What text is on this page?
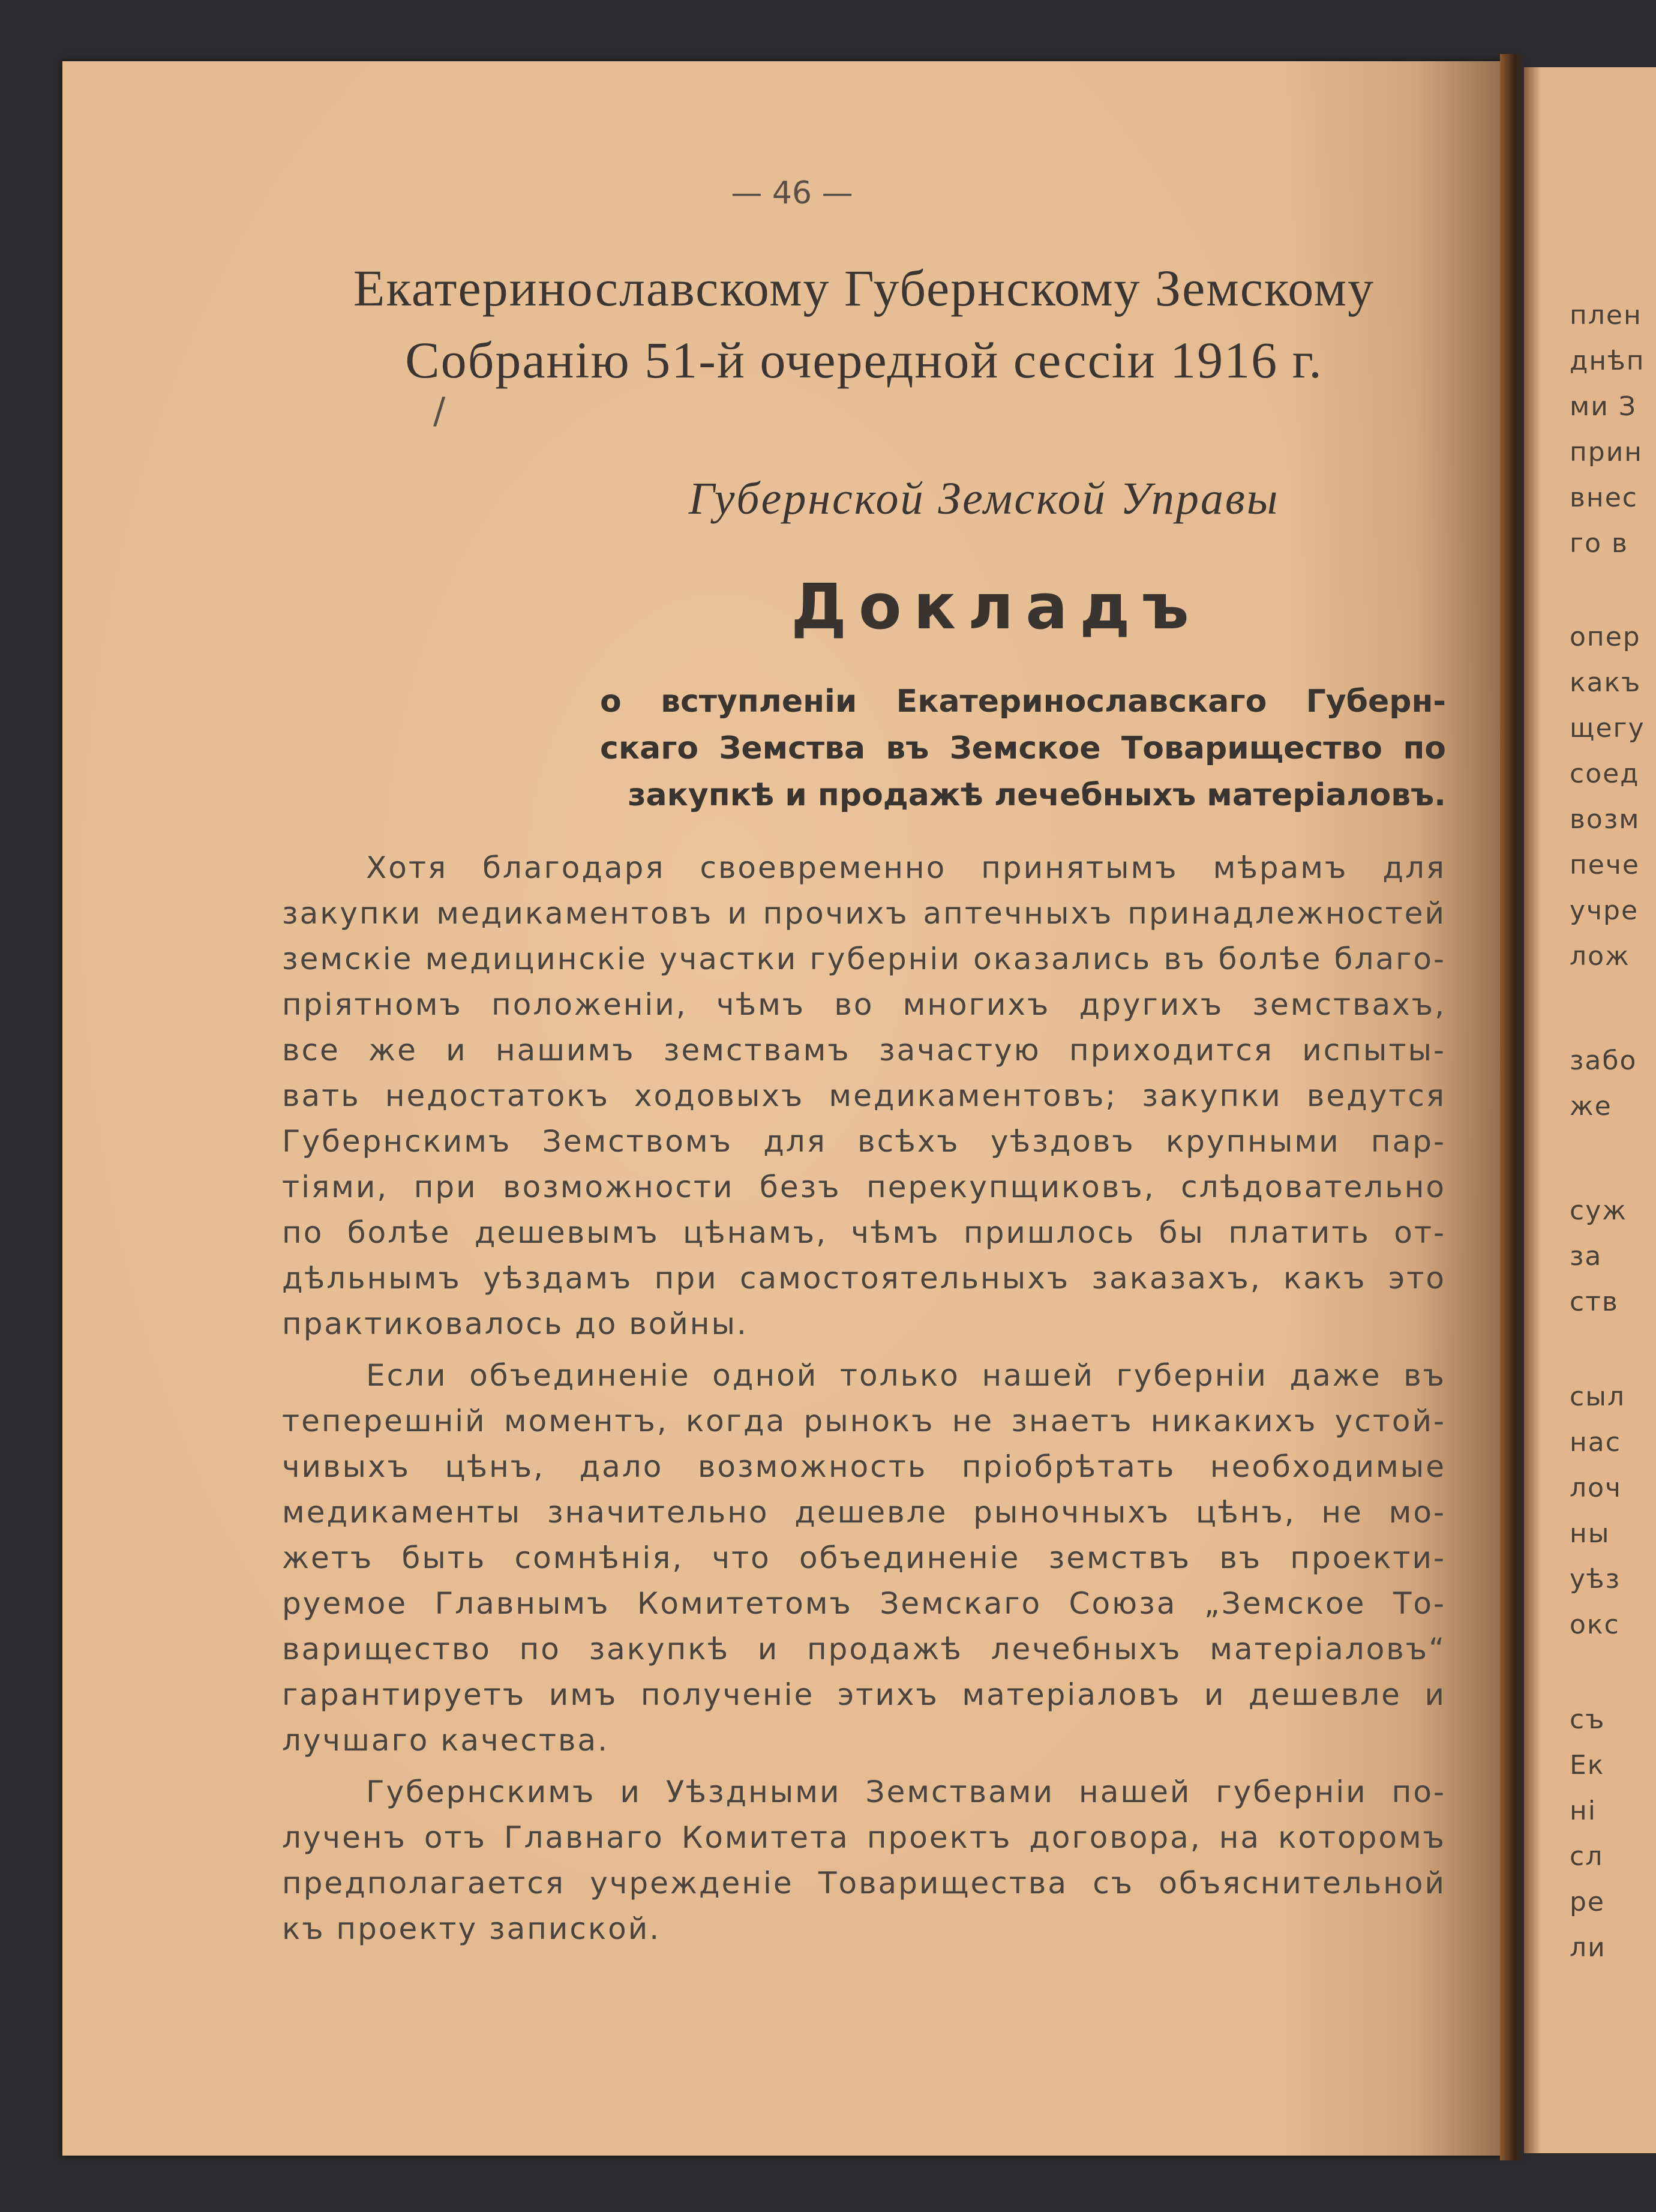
плен
днѣп
ми З
прин
внес
го в
опер
какъ
щегу
соед
возм
пече
учре
лож
забо
же
суж
за
ств
сыл
нас
лоч
ны
уѣз
окс
съ
Ек
ні
сл
ре
ли
— 46 —
Екатеринославскому Губернскому Земскому
Собранію 51-й очередной сессіи 1916 г.
/
Губернской Земской Управы
Докладъ
о вступленіи Екатеринославскаго Губерн-
скаго Земства въ Земское Товарищество по
закупкѣ и продажѣ лечебныхъ матеріаловъ.
Хотя благодаря своевременно принятымъ мѣрамъ для
закупки медикаментовъ и прочихъ аптечныхъ принадлежностей
земскіе медицинскіе участки губерніи оказались въ болѣе благо-
пріятномъ положеніи, чѣмъ во многихъ другихъ земствахъ,
все же и нашимъ земствамъ зачастую приходится испыты-
вать недостатокъ ходовыхъ медикаментовъ; закупки ведутся
Губернскимъ Земствомъ для всѣхъ уѣздовъ крупными пар-
тіями, при возможности безъ перекупщиковъ, слѣдовательно
по болѣе дешевымъ цѣнамъ, чѣмъ пришлось бы платить от-
дѣльнымъ уѣздамъ при самостоятельныхъ заказахъ, какъ это
практиковалось до войны.
Если объединеніе одной только нашей губерніи даже въ
теперешній моментъ, когда рынокъ не знаетъ никакихъ устой-
чивыхъ цѣнъ, дало возможность пріобрѣтать необходимые
медикаменты значительно дешевле рыночныхъ цѣнъ, не мо-
жетъ быть сомнѣнія, что объединеніе земствъ въ проекти-
руемое Главнымъ Комитетомъ Земскаго Союза „Земское То-
варищество по закупкѣ и продажѣ лечебныхъ матеріаловъ“
гарантируетъ имъ полученіе этихъ матеріаловъ и дешевле и
лучшаго качества.
Губернскимъ и Уѣздными Земствами нашей губерніи по-
лученъ отъ Главнаго Комитета проектъ договора, на которомъ
предполагается учрежденіе Товарищества съ объяснительной
къ проекту запиской.
